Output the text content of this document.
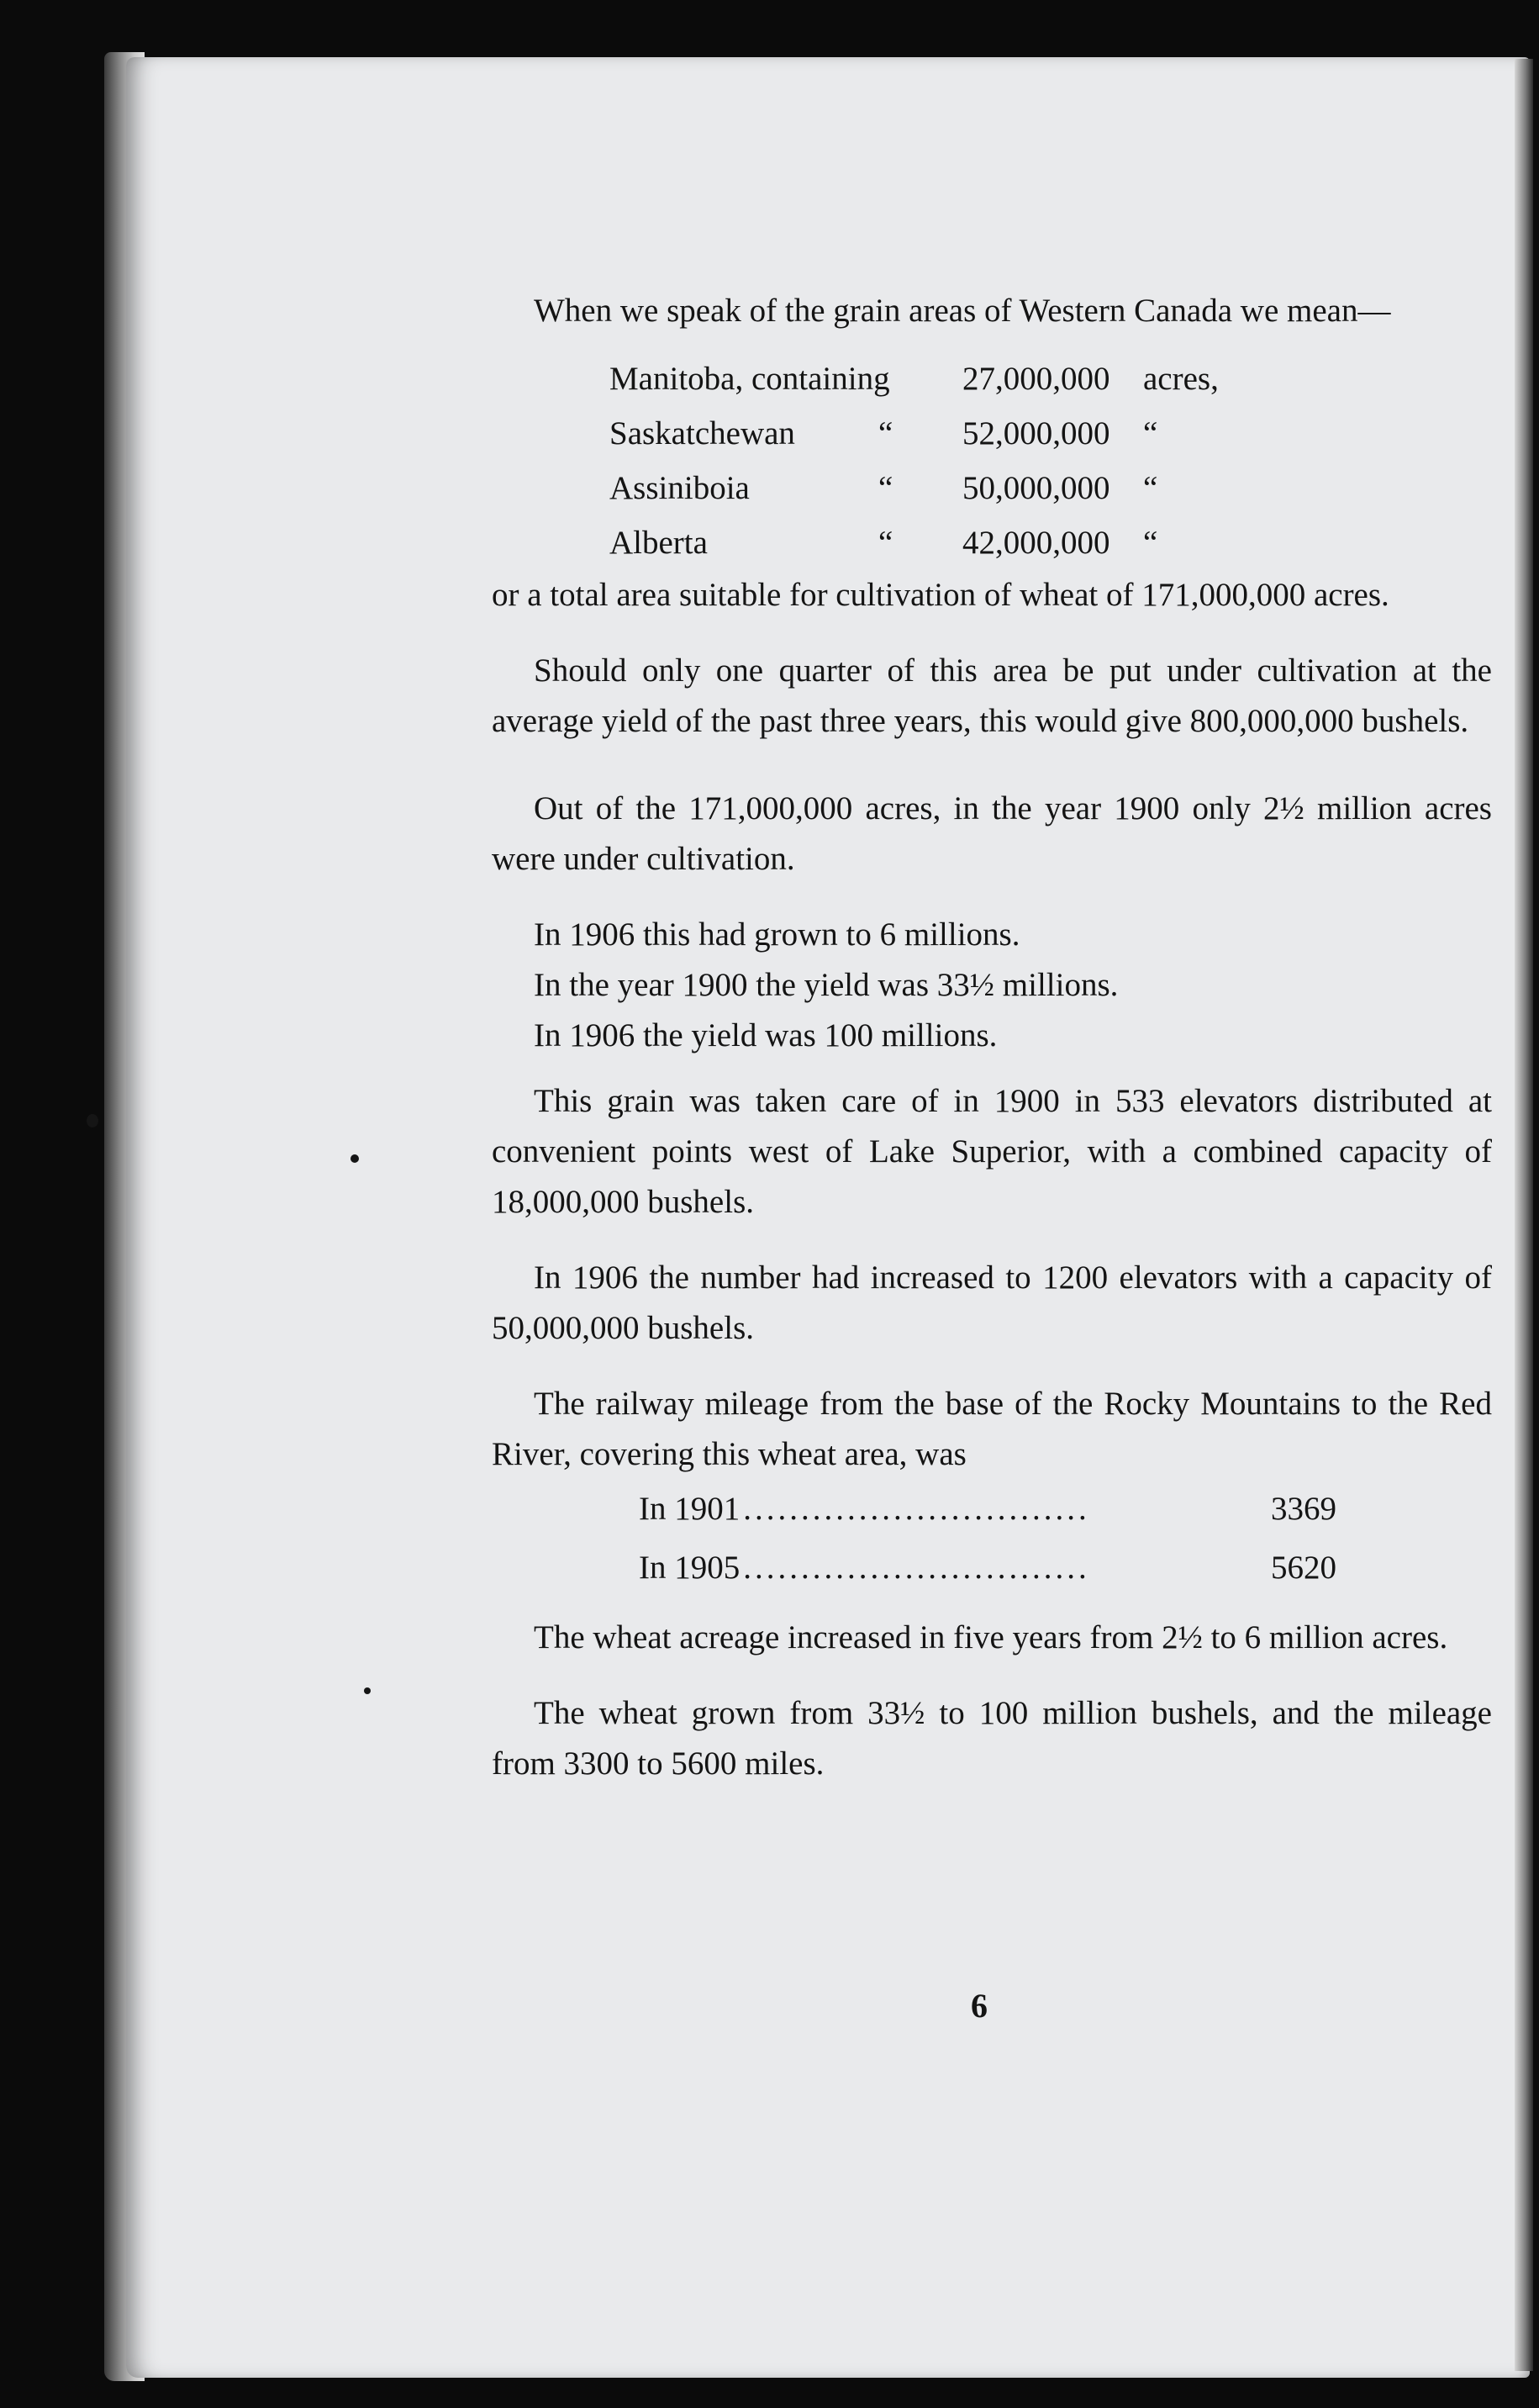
When we speak of the grain areas of Western Canada we mean—

Manitoba, containing	27,000,000	acres,
Saskatchewan	“	52,000,000	“
Assiniboia	“	50,000,000	“
Alberta	“	42,000,000	“

or a total area suitable for cultivation of wheat of 171,000,000 acres.

Should only one quarter of this area be put under cultivation at the average yield of the past three years, this would give 800,000,000 bushels.

Out of the 171,000,000 acres, in the year 1900 only 2½ million acres were under cultivation.

In 1906 this had grown to 6 millions.

In the year 1900 the yield was 33½ millions.

In 1906 the yield was 100 millions.

This grain was taken care of in 1900 in 533 elevators distributed at convenient points west of Lake Superior, with a combined capacity of 18,000,000 bushels.

In 1906 the number had increased to 1200 elevators with a capacity of 50,000,000 bushels.

The railway mileage from the base of the Rocky Mountains to the Red River, covering this wheat area, was

In 1901 ..............................	3369
In 1905 ..............................	5620

The wheat acreage increased in five years from 2½ to 6 million acres.

The wheat grown from 33½ to 100 million bushels, and the mileage from 3300 to 5600 miles.

6
